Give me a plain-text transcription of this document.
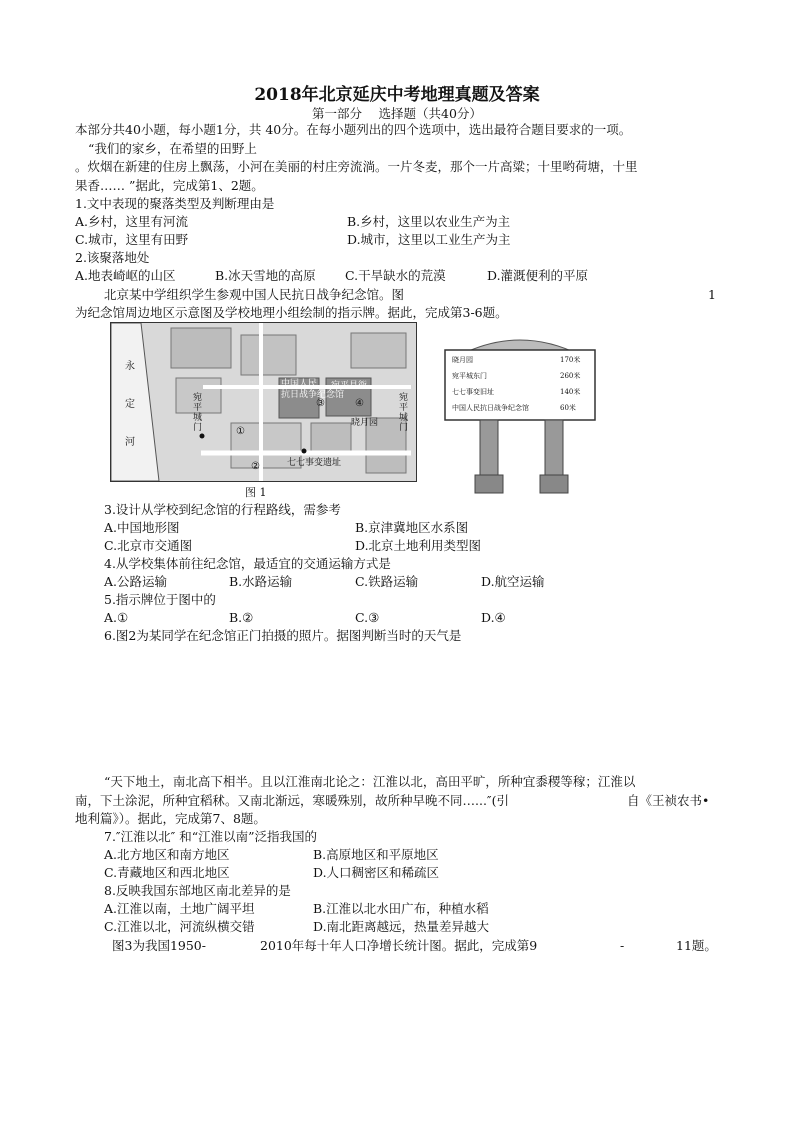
2018年北京延庆中考地理真题及答案
第一部分　 选择题（共40分）
本部分共40小题，每小题1分，共 40分。在每小题列出的四个选项中，选出最符合题目要求的一项。
“我们的家乡，在希望的田野上
。炊烟在新建的住房上飘荡，小河在美丽的村庄旁流淌。一片冬麦，那个一片高粱；十里哟荷塘，十里
果香…… ”据此，完成第1、2题。
1.文中表现的聚落类型及判断理由是
A.乡村，这里有河流	B.乡村，这里以农业生产为主
C.城市，这里有田野	D.城市，这里以工业生产为主
2.该聚落地处
A.地表崎岖的山区	B.冰天雪地的高原 C.干旱缺水的荒漠	D.灌溉便利的平原
北京某中学组织学生参观中国人民抗日战争纪念馆。图	1
为纪念馆周边地区示意图及学校地理小组绘制的指示牌。据此，完成第3-6题。
永
定
河
中国人民
抗日战争纪念馆
宛平县衙
宛
平
城
门
宛
平
城
门
晓月园
七七事变遗址
①
②
③	④
晓月园	170米
宛平城东门	260米
七七事变旧址	140米
中国人民抗日战争纪念馆	60米
图 1
3.设计从学校到纪念馆的行程路线，需参考
A.中国地形图	B.京津冀地区水系图
C.北京市交通图	D.北京土地利用类型图
4.从学校集体前往纪念馆，最适宜的交通运输方式是
A.公路运输	B.水路运输	C.铁路运输	D.航空运输
5.指示牌位于图中的
A.①	B.②	C.③	D.④
6.图2为某同学在纪念馆正门拍摄的照片。据图判断当时的天气是
“天下地土，南北高下相半。且以江淮南北论之：江淮以北，高田平旷，所种宜黍稷等稼；江淮以
南，下土涂泥，所种宜稻秫。又南北渐远，寒暖殊别，故所种早晚不同…...″(引	自《王祯农书•
地利篇》）。据此，完成第7、8题。
7.″江淮以北″ 和“江淮以南”泛指我国的
A.北方地区和南方地区	B.高原地区和平原地区
C.青藏地区和西北地区	D.人口稠密区和稀疏区
8.反映我国东部地区南北差异的是
A.江淮以南，土地广阔平坦	B.江淮以北水田广布，种植水稻
C.江淮以北，河流纵横交错	D.南北距离越远，热量差异越大
图3为我国1950-	2010年每十年人口净增长统计图。据此，完成第9	-	11题。
